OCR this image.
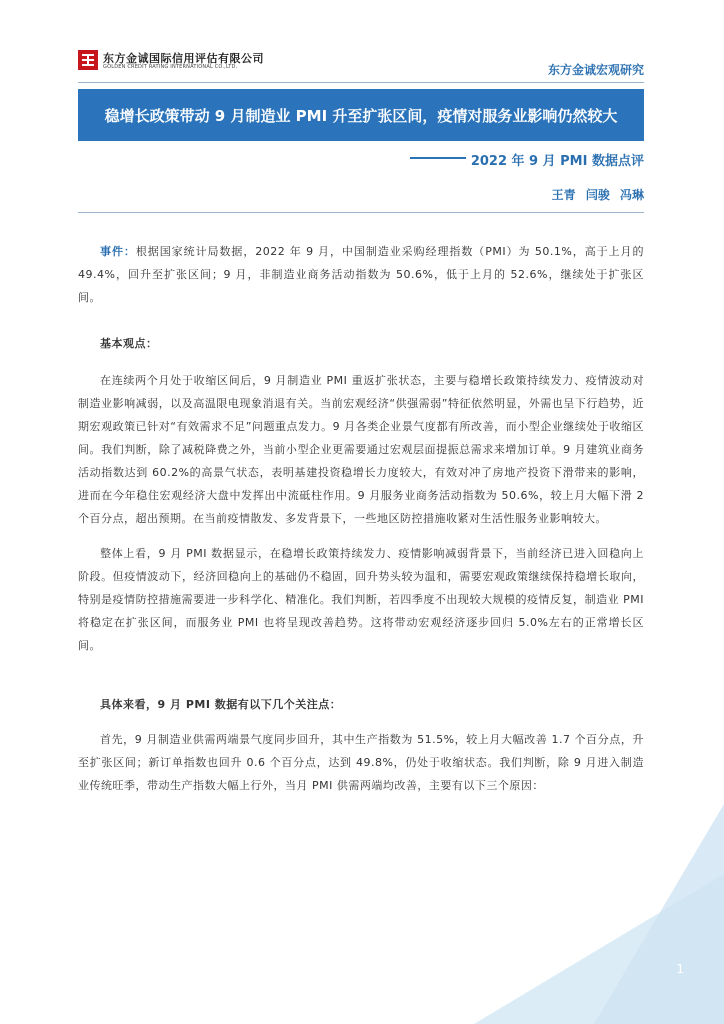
东方金诚国际信用评估有限公司
GOLDEN CREDIT RATING INTERNATIONAL CO.,LTD.	东方金诚宏观研究
稳增长政策带动 9 月制造业 PMI 升至扩张区间，疫情对服务业影响仍然较大
2022 年 9 月 PMI 数据点评
王青 闫骏 冯琳

事件：根据国家统计局数据，2022 年 9 月，中国制造业采购经理指数（PMI）为 50.1%，高于上月的 49.4%，回升至扩张区间；9 月，非制造业商务活动指数为 50.6%，低于上月的 52.6%，继续处于扩张区间。

基本观点：

在连续两个月处于收缩区间后，9 月制造业 PMI 重返扩张状态，主要与稳增长政策持续发力、疫情波动对制造业影响减弱，以及高温限电现象消退有关。当前宏观经济“供强需弱”特征依然明显，外需也呈下行趋势，近期宏观政策已针对“有效需求不足”问题重点发力。9 月各类企业景气度都有所改善，而小型企业继续处于收缩区间。我们判断，除了减税降费之外，当前小型企业更需要通过宏观层面提振总需求来增加订单。9 月建筑业商务活动指数达到 60.2%的高景气状态，表明基建投资稳增长力度较大，有效对冲了房地产投资下滑带来的影响，进而在今年稳住宏观经济大盘中发挥出中流砥柱作用。9 月服务业商务活动指数为 50.6%，较上月大幅下滑 2 个百分点，超出预期。在当前疫情散发、多发背景下，一些地区防控措施收紧对生活性服务业影响较大。

整体上看，9 月 PMI 数据显示，在稳增长政策持续发力、疫情影响减弱背景下，当前经济已进入回稳向上阶段。但疫情波动下，经济回稳向上的基础仍不稳固，回升势头较为温和，需要宏观政策继续保持稳增长取向，特别是疫情防控措施需要进一步科学化、精准化。我们判断，若四季度不出现较大规模的疫情反复，制造业 PMI 将稳定在扩张区间，而服务业 PMI 也将呈现改善趋势。这将带动宏观经济逐步回归 5.0%左右的正常增长区间。

具体来看，9 月 PMI 数据有以下几个关注点：

首先，9 月制造业供需两端景气度同步回升，其中生产指数为 51.5%，较上月大幅改善 1.7 个百分点，升至扩张区间；新订单指数也回升 0.6 个百分点，达到 49.8%，仍处于收缩状态。我们判断，除 9 月进入制造业传统旺季，带动生产指数大幅上行外，当月 PMI 供需两端均改善，主要有以下三个原因：

1
